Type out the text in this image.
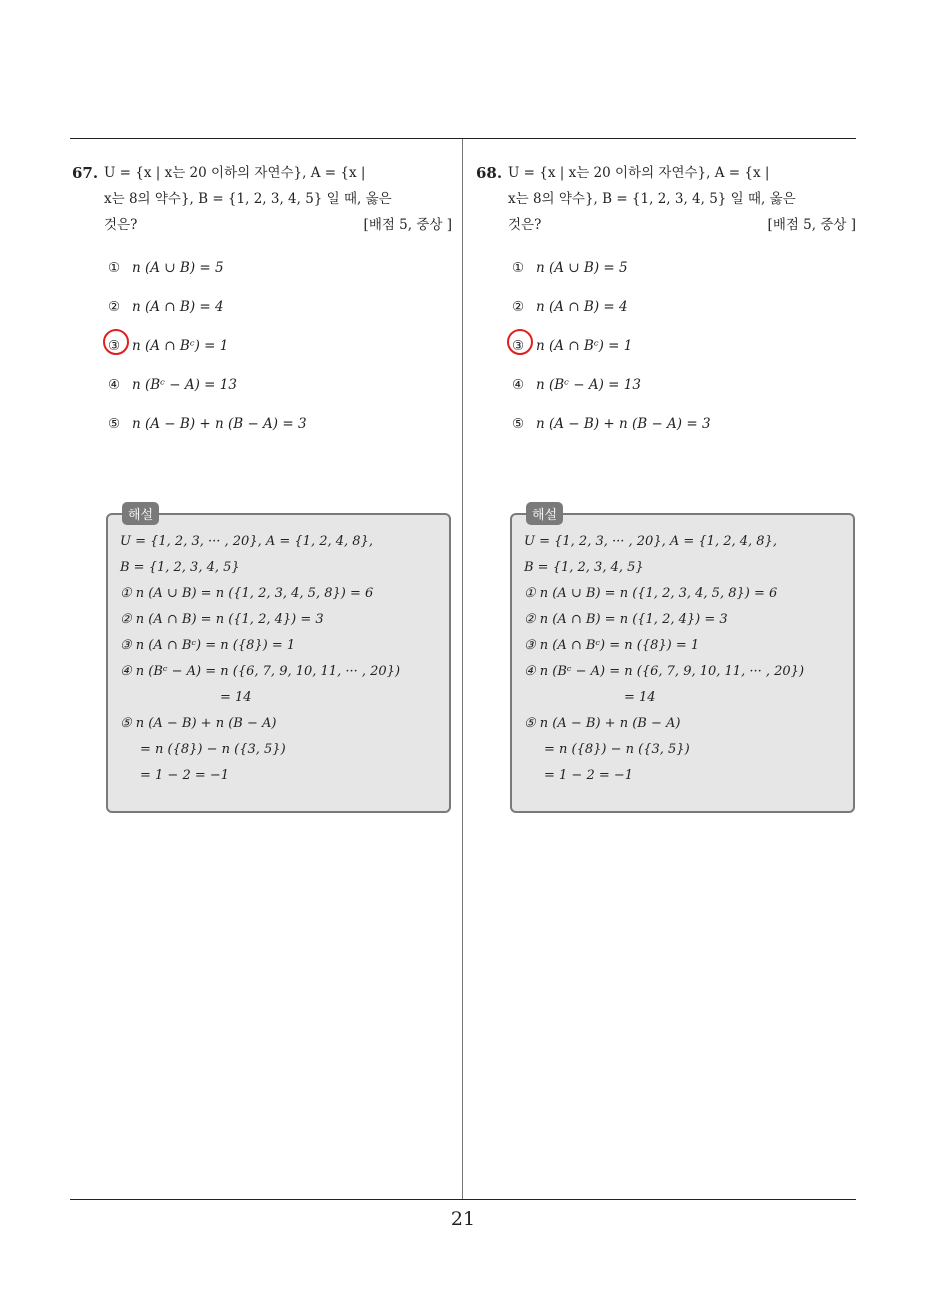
67. U = {x | x는 20 이하의 자연수}, A = {x |
x는 8의 약수}, B = {1, 2, 3, 4, 5} 일 때, 옳은
것은?	[배점 5, 중상 ]
① n (A ∪ B) = 5
② n (A ∩ B) = 4
③ n (A ∩ Bᶜ) = 1
④ n (Bᶜ − A) = 13
⑤ n (A − B) + n (B − A) = 3
해설
U = {1, 2, 3, ··· , 20}, A = {1, 2, 4, 8},
B = {1, 2, 3, 4, 5}
① n (A ∪ B) = n ({1, 2, 3, 4, 5, 8}) = 6
② n (A ∩ B) = n ({1, 2, 4}) = 3
③ n (A ∩ Bᶜ) = n ({8}) = 1
④ n (Bᶜ − A) = n ({6, 7, 9, 10, 11, ··· , 20})
= 14
⑤ n (A − B) + n (B − A)
= n ({8}) − n ({3, 5})
= 1 − 2 = −1
68. U = {x | x는 20 이하의 자연수}, A = {x |
x는 8의 약수}, B = {1, 2, 3, 4, 5} 일 때, 옳은
것은?	[배점 5, 중상 ]
① n (A ∪ B) = 5
② n (A ∩ B) = 4
③ n (A ∩ Bᶜ) = 1
④ n (Bᶜ − A) = 13
⑤ n (A − B) + n (B − A) = 3
해설
U = {1, 2, 3, ··· , 20}, A = {1, 2, 4, 8},
B = {1, 2, 3, 4, 5}
① n (A ∪ B) = n ({1, 2, 3, 4, 5, 8}) = 6
② n (A ∩ B) = n ({1, 2, 4}) = 3
③ n (A ∩ Bᶜ) = n ({8}) = 1
④ n (Bᶜ − A) = n ({6, 7, 9, 10, 11, ··· , 20})
= 14
⑤ n (A − B) + n (B − A)
= n ({8}) − n ({3, 5})
= 1 − 2 = −1
21
